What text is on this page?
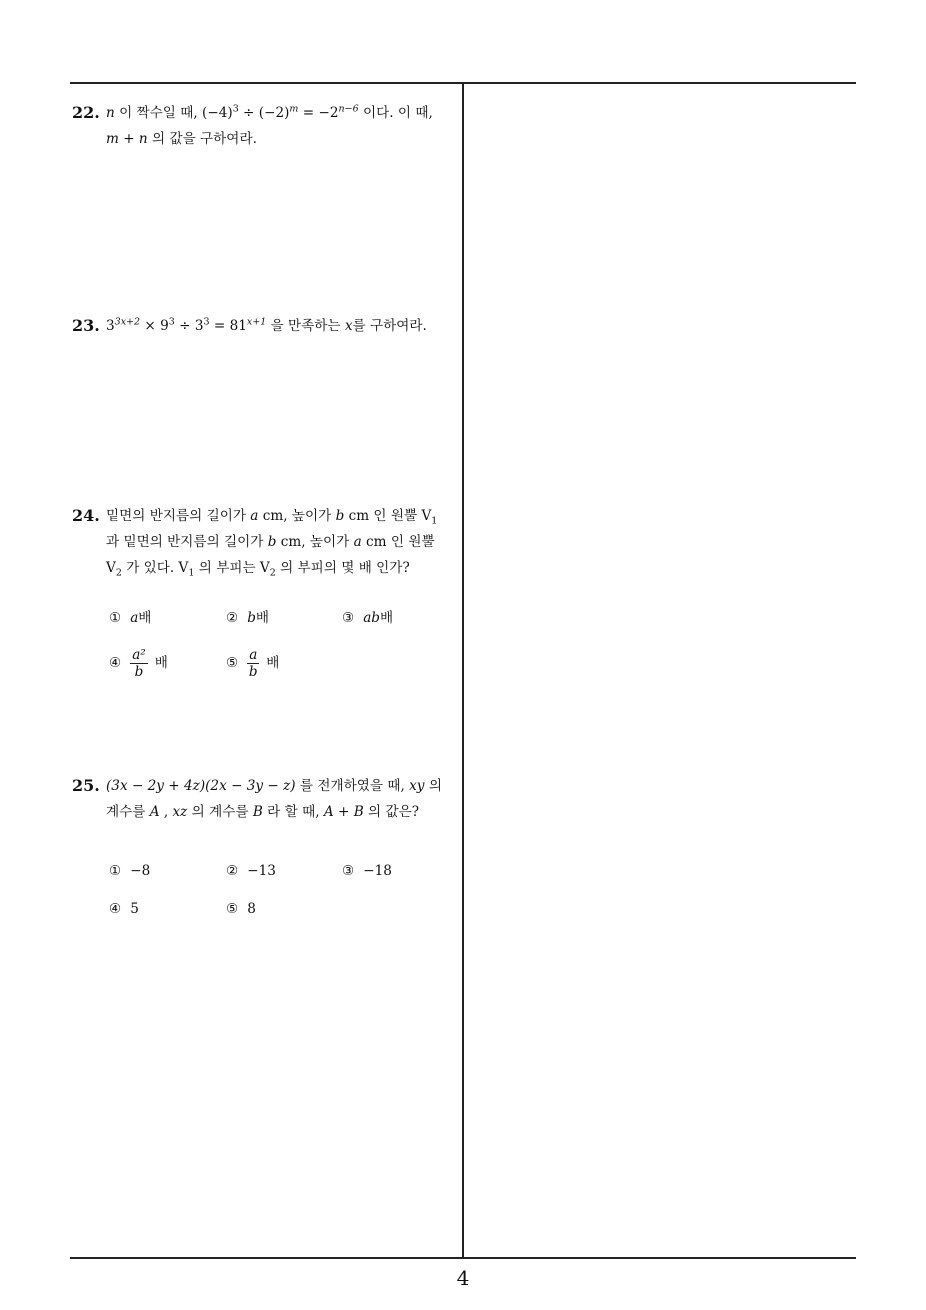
4
22. n 이 짝수일 때, $(-4)^3 \div (-2)^m = -2^{n-6}$ 이다. 이 때,
m + n 의 값을 구하여라.
23. $3^{3x+2} \times 9^3 \div 3^3 = 81^{x+1}$ 을 만족하는 x를 구하여라.
24. 밑면의 반지름의 길이가 a cm, 높이가 b cm 인 원뿔 $V_1$
과 밑면의 반지름의 길이가 b cm, 높이가 a cm 인 원뿔
$V_2$ 가 있다. $V_1$ 의 부피는 $V_2$ 의 부피의 몇 배 인가?
① a 배	② b 배	③ ab 배
④ $\frac{\text{a²}}{b}$ 배	⑤ $\frac{a}{b}$ 배
25. (3x − 2y + 4z)(2x − 3y − z) 를 전개하였을 때, xy 의
계수를 A , xz 의 계수를 B 라 할 때, A + B 의 값은?
① −8	② −13	③ −18
④ 5	⑤ 8
